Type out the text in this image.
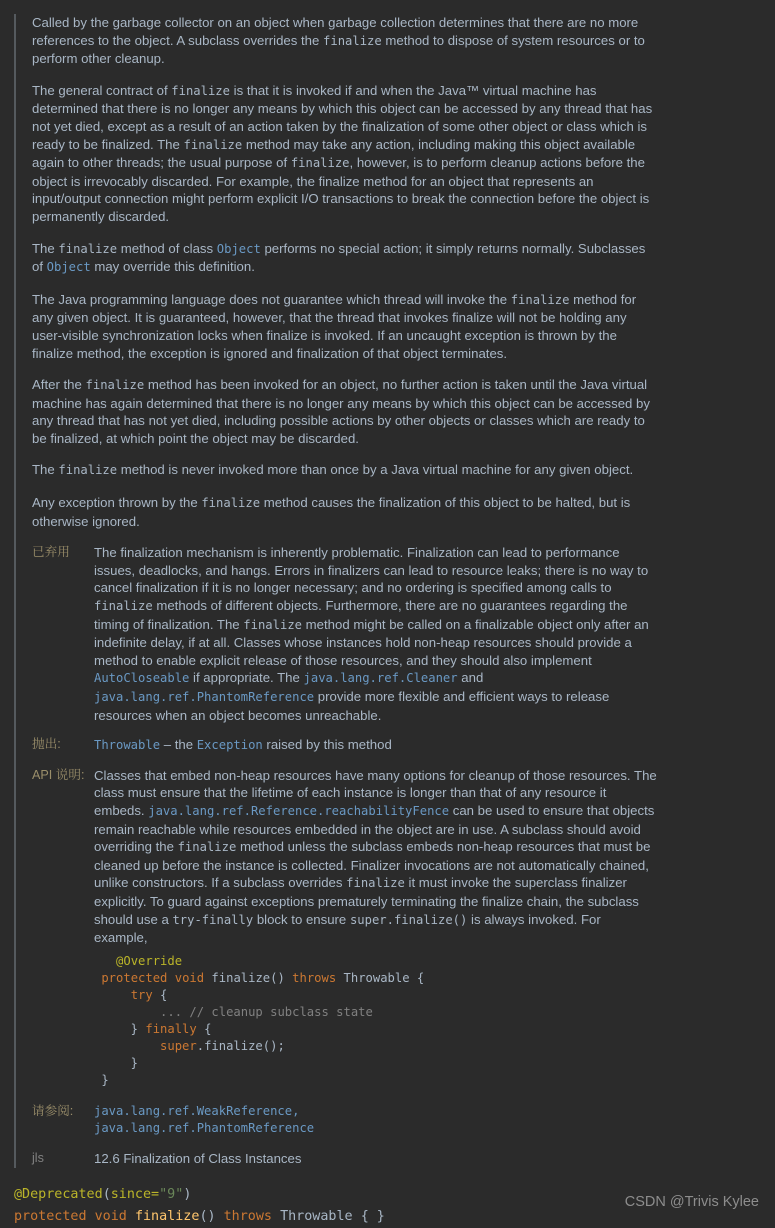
Called by the garbage collector on an object when garbage collection determines that there are no more references to the object. A subclass overrides the finalize method to dispose of system resources or to perform other cleanup.

The general contract of finalize is that it is invoked if and when the Java™ virtual machine has determined that there is no longer any means by which this object can be accessed by any thread that has not yet died, except as a result of an action taken by the finalization of some other object or class which is ready to be finalized. The finalize method may take any action, including making this object available again to other threads; the usual purpose of finalize, however, is to perform cleanup actions before the object is irrevocably discarded. For example, the finalize method for an object that represents an input/output connection might perform explicit I/O transactions to break the connection before the object is permanently discarded.

The finalize method of class Object performs no special action; it simply returns normally. Subclasses of Object may override this definition.

The Java programming language does not guarantee which thread will invoke the finalize method for any given object. It is guaranteed, however, that the thread that invokes finalize will not be holding any user-visible synchronization locks when finalize is invoked. If an uncaught exception is thrown by the finalize method, the exception is ignored and finalization of that object terminates.

After the finalize method has been invoked for an object, no further action is taken until the Java virtual machine has again determined that there is no longer any means by which this object can be accessed by any thread that has not yet died, including possible actions by other objects or classes which are ready to be finalized, at which point the object may be discarded.

The finalize method is never invoked more than once by a Java virtual machine for any given object.

Any exception thrown by the finalize method causes the finalization of this object to be halted, but is otherwise ignored.

已弃用	The finalization mechanism is inherently problematic. Finalization can lead to performance issues, deadlocks, and hangs. Errors in finalizers can lead to resource leaks; there is no way to cancel finalization if it is no longer necessary; and no ordering is specified among calls to finalize methods of different objects. Furthermore, there are no guarantees regarding the timing of finalization. The finalize method might be called on a finalizable object only after an indefinite delay, if at all. Classes whose instances hold non-heap resources should provide a method to enable explicit release of those resources, and they should also implement AutoCloseable if appropriate. The java.lang.ref.Cleaner and java.lang.ref.PhantomReference provide more flexible and efficient ways to release resources when an object becomes unreachable.
抛出:	Throwable – the Exception raised by this method
API 说明: Classes that embed non-heap resources have many options for cleanup of those resources. The class must ensure that the lifetime of each instance is longer than that of any resource it embeds. java.lang.ref.Reference.reachabilityFence can be used to ensure that objects remain reachable while resources embedded in the object are in use. A subclass should avoid overriding the finalize method unless the subclass embeds non-heap resources that must be cleaned up before the instance is collected. Finalizer invocations are not automatically chained, unlike constructors. If a subclass overrides finalize it must invoke the superclass finalizer explicitly. To guard against exceptions prematurely terminating the finalize chain, the subclass should use a try-finally block to ensure super.finalize() is always invoked. For example,

@Override
protected void finalize() throws Throwable {
try {
... // cleanup subclass state
} finally {
super.finalize();
}
}
请参阅:	java.lang.ref.WeakReference,
java.lang.ref.PhantomReference
jls	12.6 Finalization of Class Instances
@Deprecated(since="9")
protected void finalize() throws Throwable { }
CSDN @Trivis Kylee
